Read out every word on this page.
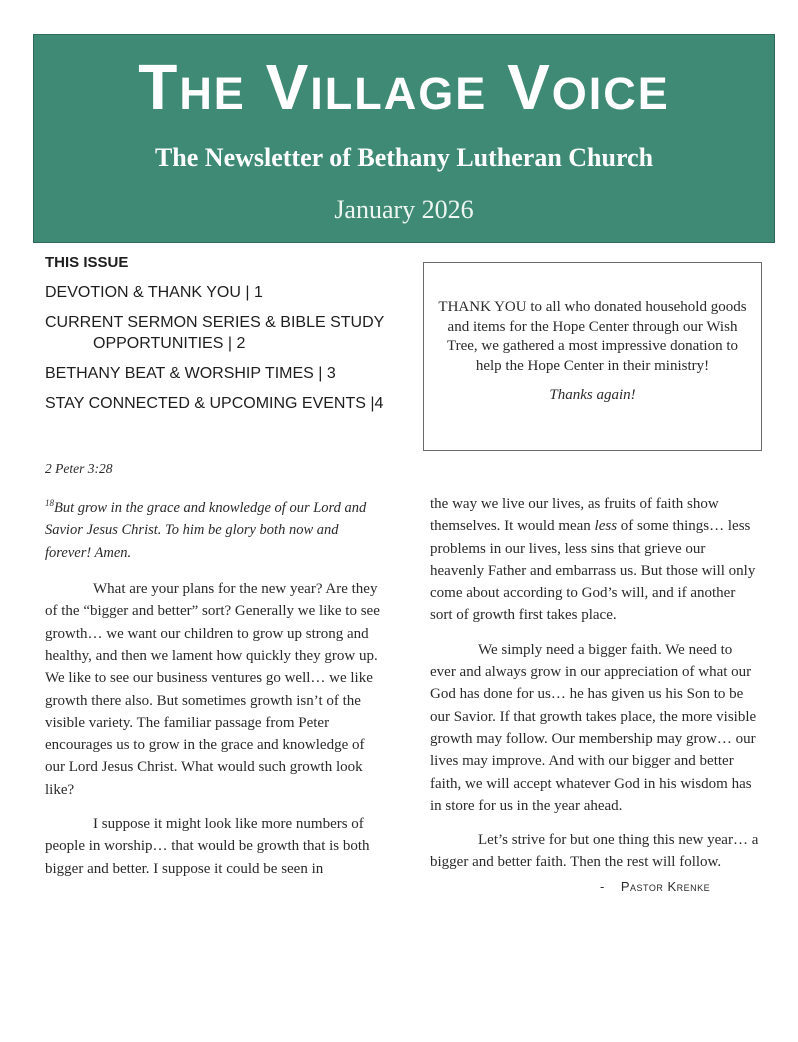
The Village Voice
The Newsletter of Bethany Lutheran Church
January 2026
THIS ISSUE
DEVOTION & THANK YOU | 1
CURRENT SERMON SERIES & BIBLE STUDY
OPPORTUNITIES | 2
BETHANY BEAT & WORSHIP TIMES | 3
STAY CONNECTED & UPCOMING EVENTS |4
THANK YOU to all who donated household goods and items for the Hope Center through our Wish Tree, we gathered a most impressive donation to help the Hope Center in their ministry!
Thanks again!

2 Peter 3:28

$^{18}$But grow in the grace and knowledge of our Lord and Savior Jesus Christ. To him be glory both now and forever! Amen.

What are your plans for the new year? Are they of the “bigger and better” sort? Generally we like to see growth… we want our children to grow up strong and healthy, and then we lament how quickly they grow up. We like to see our business ventures go well… we like growth there also. But sometimes growth isn’t of the visible variety. The familiar passage from Peter encourages us to grow in the grace and knowledge of our Lord Jesus Christ. What would such growth look like?

I suppose it might look like more numbers of people in worship… that would be growth that is both bigger and better. I suppose it could be seen in

the way we live our lives, as fruits of faith show themselves. It would mean less of some things… less problems in our lives, less sins that grieve our heavenly Father and embarrass us. But those will only come about according to God’s will, and if another sort of growth first takes place.

We simply need a bigger faith. We need to ever and always grow in our appreciation of what our God has done for us… he has given us his Son to be our Savior. If that growth takes place, the more visible growth may follow. Our membership may grow… our lives may improve. And with our bigger and better faith, we will accept whatever God in his wisdom has in store for us in the year ahead.

Let’s strive for but one thing this new year… a bigger and better faith. Then the rest will follow.

- Pastor Krenke
